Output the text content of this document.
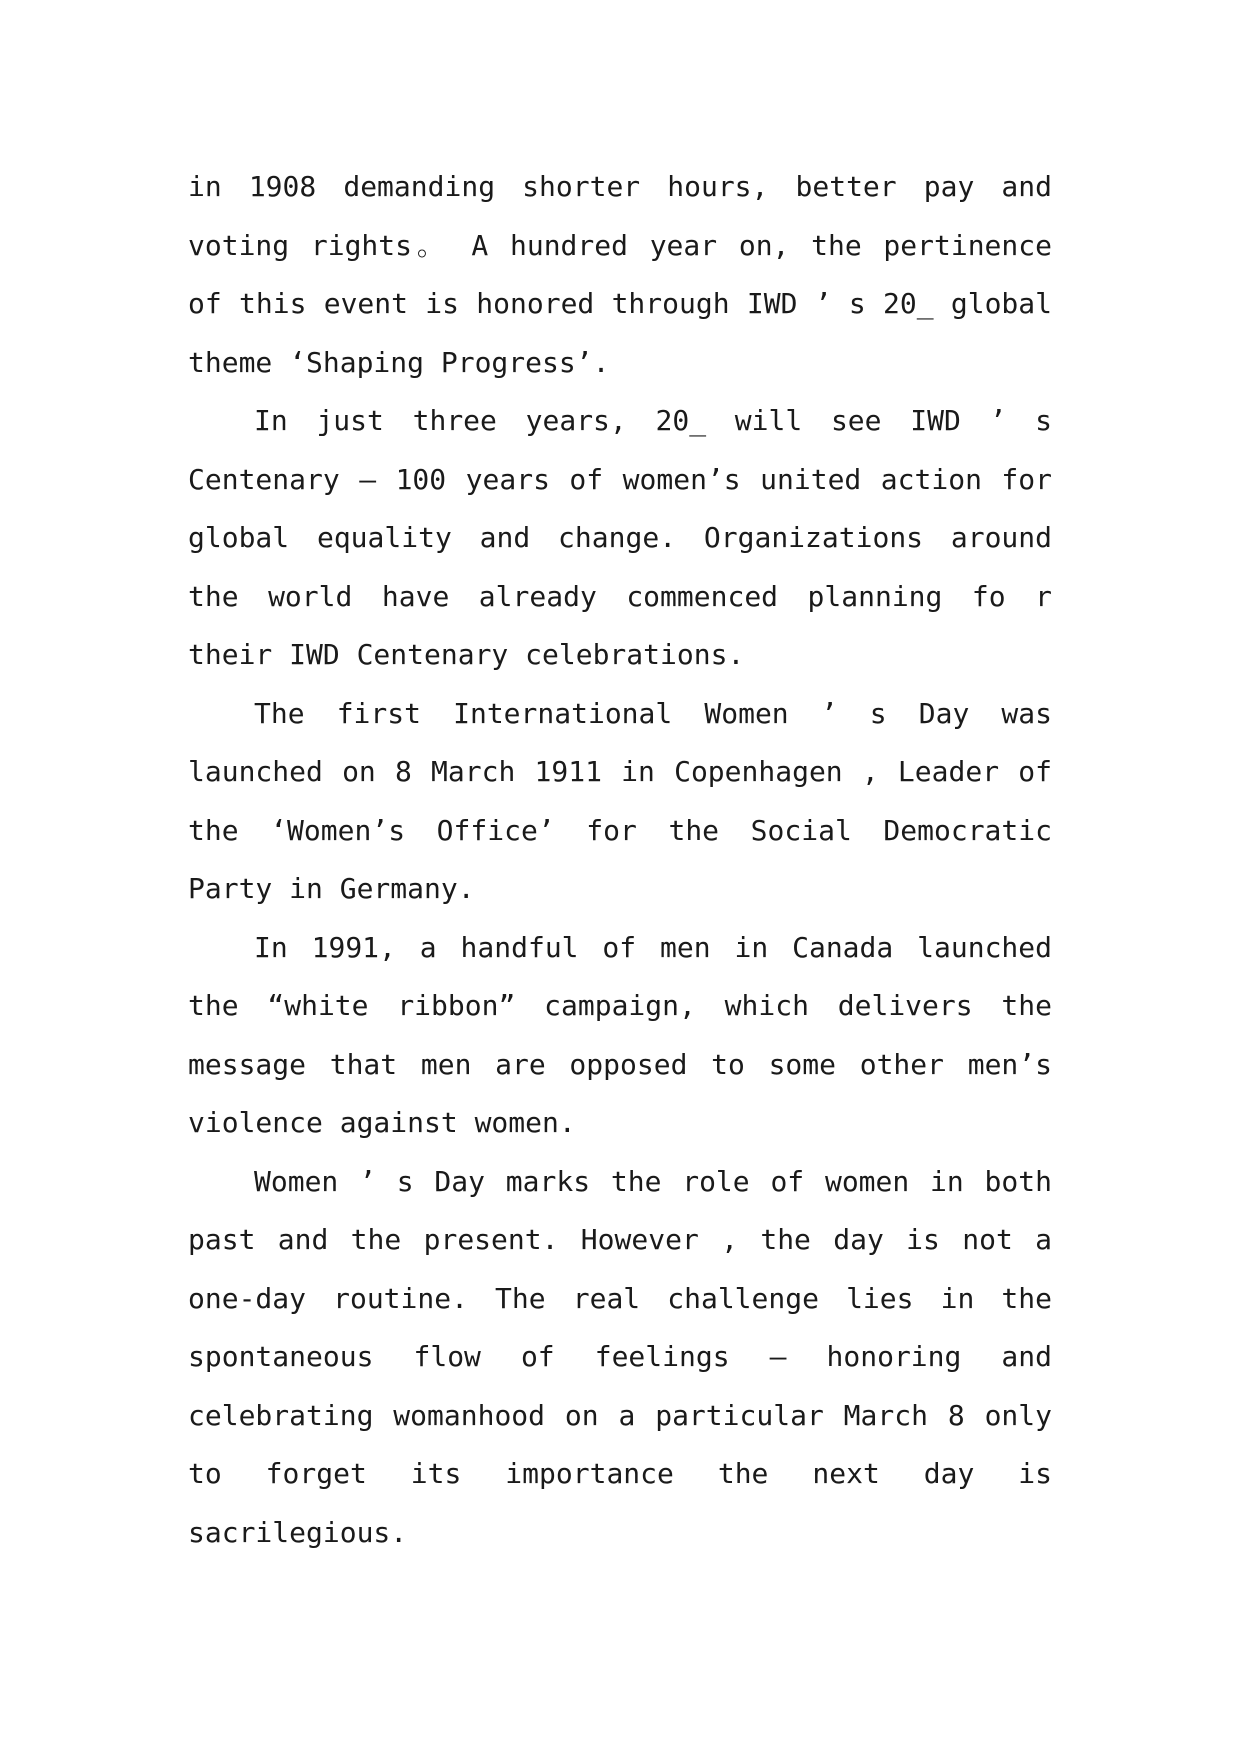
in 1908 demanding shorter hours, better pay and voting rights。 A hundred year on, the pertinence of this event is honored through IWD ’ s 20_ global theme ‘Shaping Progress’.

In just three years, 20_ will see IWD ’ s Centenary – 100 years of women’s united action for global equality and change. Organizations around the world have already commenced planning fo r their IWD Centenary celebrations.

The first International Women ’ s Day was launched on 8 March 1911 in Copenhagen , Leader of the ‘Women’s Office’ for the Social Democratic Party in Germany.

In 1991, a handful of men in Canada launched the “white ribbon” campaign, which delivers the message that men are opposed to some other men’s violence against women.

Women ’ s Day marks the role of women in both past and the present. However , the day is not a one-day routine. The real challenge lies in the spontaneous flow of feelings – honoring and celebrating womanhood on a particular March 8 only to forget its importance the next day is sacrilegious.
